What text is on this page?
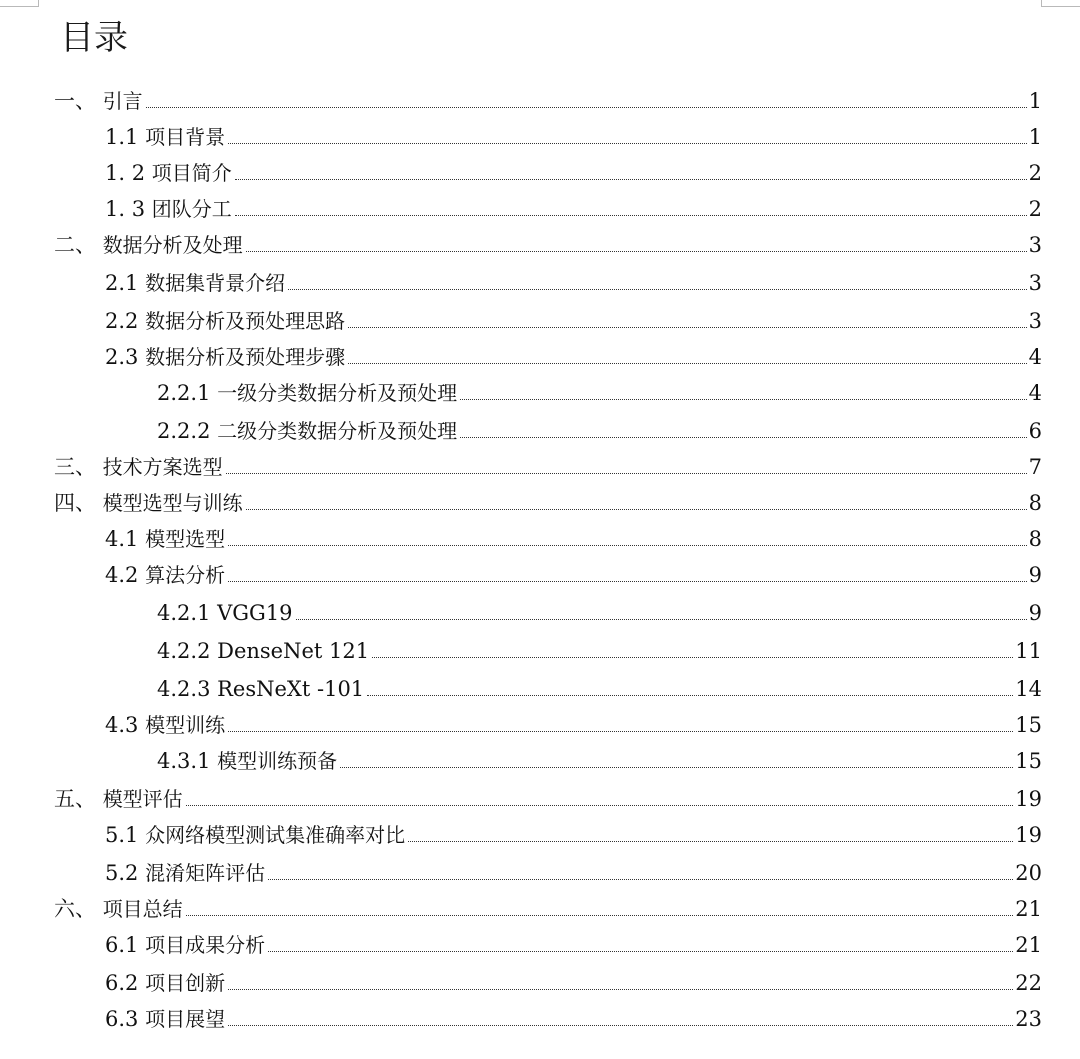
目录
一、 引言	1
1.1 项目背景	1
1. 2 项目简介	2
1. 3 团队分工	2
二、 数据分析及处理	3
2.1 数据集背景介绍	3
2.2 数据分析及预处理思路	3
2.3 数据分析及预处理步骤	4
2.2.1 一级分类数据分析及预处理	4
2.2.2 二级分类数据分析及预处理	6
三、 技术方案选型	7
四、 模型选型与训练	8
4.1 模型选型	8
4.2 算法分析	9
4.2.1 VGG19	9
4.2.2 DenseNet 121	11
4.2.3 ResNeXt -101	14
4.3 模型训练	15
4.3.1 模型训练预备	15
五、 模型评估	19
5.1 众网络模型测试集准确率对比	19
5.2 混淆矩阵评估	20
六、 项目总结	21
6.1 项目成果分析	21
6.2 项目创新	22
6.3 项目展望	23
